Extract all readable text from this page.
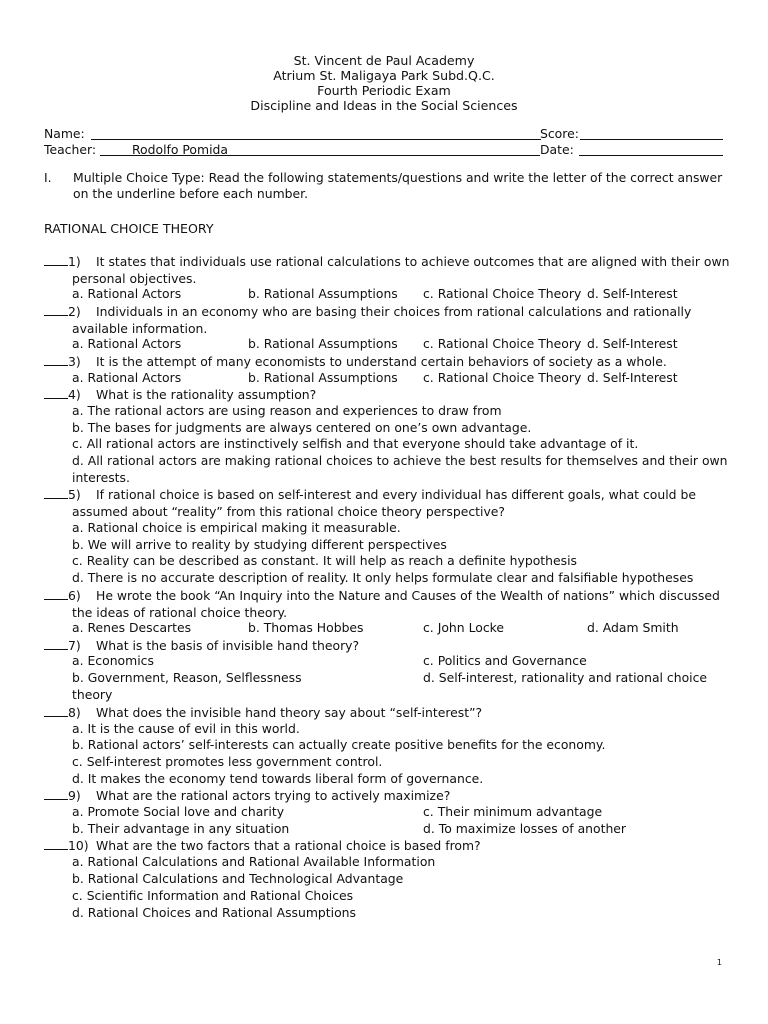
St. Vincent de Paul Academy
Atrium St. Maligaya Park Subd.Q.C.
Fourth Periodic Exam
Discipline and Ideas in the Social Sciences
Name:	Score:
Teacher:	Rodolfo Pomida	Date:
I. Multiple Choice Type: Read the following statements/questions and write the letter of the correct answer on the underline before each number.
RATIONAL CHOICE THEORY
1) It states that individuals use rational calculations to achieve outcomes that are aligned with their own
personal objectives.
a. Rational Actors	b. Rational Assumptions c. Rational Choice Theory d. Self-Interest
2) Individuals in an economy who are basing their choices from rational calculations and rationally
available information.
a. Rational Actors	b. Rational Assumptions c. Rational Choice Theory d. Self-Interest
3) It is the attempt of many economists to understand certain behaviors of society as a whole.
a. Rational Actors	b. Rational Assumptions c. Rational Choice Theory d. Self-Interest
4) What is the rationality assumption?
a. The rational actors are using reason and experiences to draw from
b. The bases for judgments are always centered on one’s own advantage.
c. All rational actors are instinctively selfish and that everyone should take advantage of it.
d. All rational actors are making rational choices to achieve the best results for themselves and their own
interests.
5) If rational choice is based on self-interest and every individual has different goals, what could be
assumed about “reality” from this rational choice theory perspective?
a. Rational choice is empirical making it measurable.
b. We will arrive to reality by studying different perspectives
c. Reality can be described as constant. It will help as reach a definite hypothesis
d. There is no accurate description of reality. It only helps formulate clear and falsifiable hypotheses
6) He wrote the book “An Inquiry into the Nature and Causes of the Wealth of nations” which discussed
the ideas of rational choice theory.
a. Renes Descartes	b. Thomas Hobbes	c. John Locke	d. Adam Smith
7) What is the basis of invisible hand theory?
a. Economics	c. Politics and Governance
b. Government, Reason, Selflessness	d. Self-interest, rationality and rational choice
theory
8) What does the invisible hand theory say about “self-interest”?
a. It is the cause of evil in this world.
b. Rational actors’ self-interests can actually create positive benefits for the economy.
c. Self-interest promotes less government control.
d. It makes the economy tend towards liberal form of governance.
9) What are the rational actors trying to actively maximize?
a. Promote Social love and charity	c. Their minimum advantage
b. Their advantage in any situation	d. To maximize losses of another
10) What are the two factors that a rational choice is based from?
a. Rational Calculations and Rational Available Information
b. Rational Calculations and Technological Advantage
c. Scientific Information and Rational Choices
d. Rational Choices and Rational Assumptions
1
